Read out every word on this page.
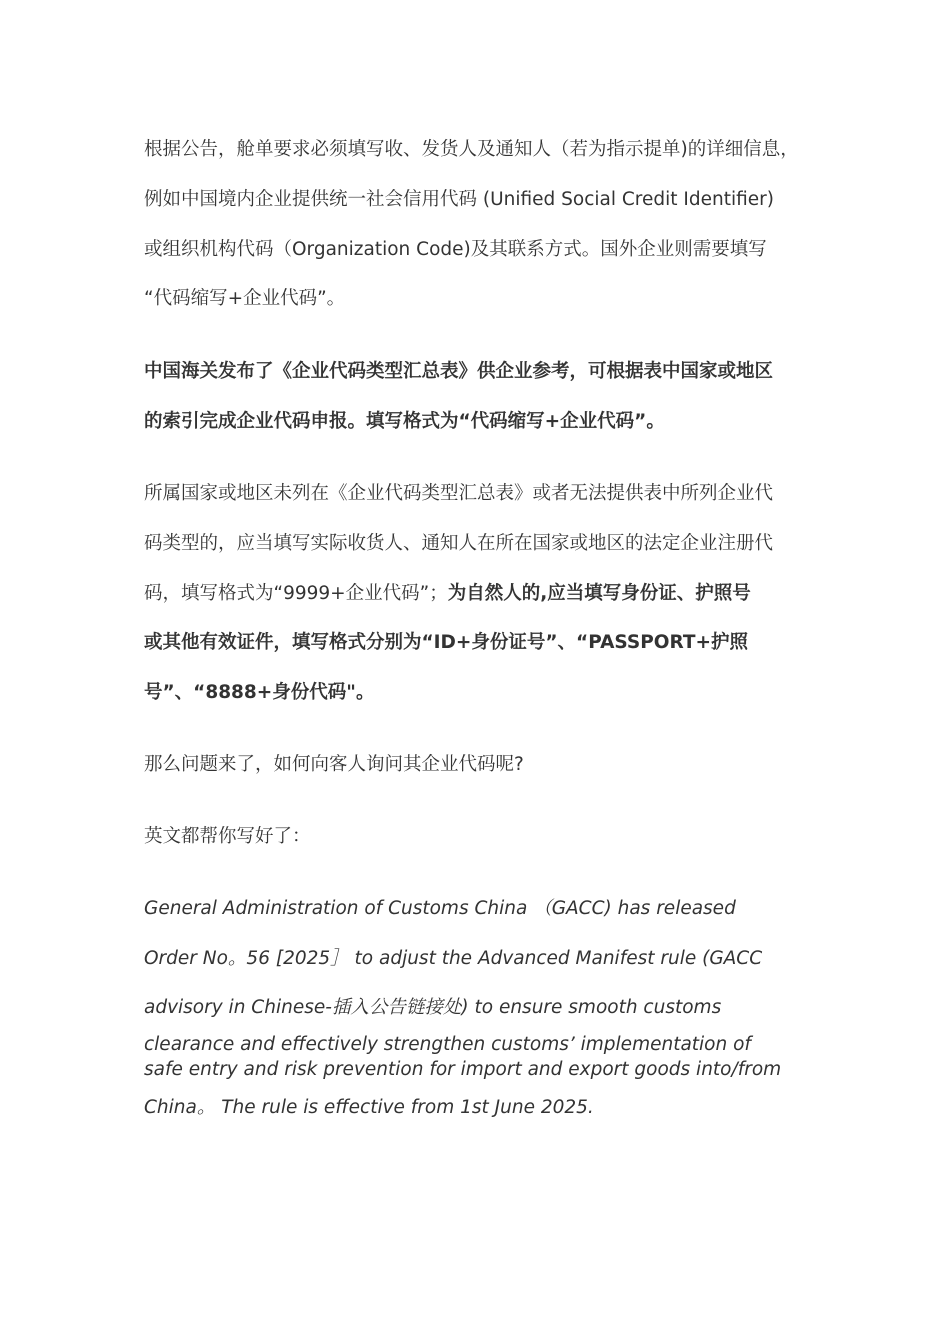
根据公告，舱单要求必须填写收、发货人及通知人（若为指示提单)的详细信息，
例如中国境内企业提供统一社会信用代码 (Unified Social Credit Identifier)
或组织机构代码（Organization Code)及其联系方式。国外企业则需要填写
“代码缩写+企业代码”。
中国海关发布了《企业代码类型汇总表》供企业参考，可根据表中国家或地区
的索引完成企业代码申报。填写格式为“代码缩写+企业代码”。
所属国家或地区未列在《企业代码类型汇总表》或者无法提供表中所列企业代
码类型的，应当填写实际收货人、通知人在所在国家或地区的法定企业注册代
码，填写格式为“9999+企业代码”；为自然人的,应当填写身份证、护照号
或其他有效证件，填写格式分别为“ID+身份证号”、“PASSPORT+护照
号”、“8888+身份代码"。
那么问题来了，如何向客人询问其企业代码呢?
英文都帮你写好了：
General Administration of Customs China （GACC) has released
Order No。56 [2025］ to adjust the Advanced Manifest rule (GACC
advisory in Chinese-插入公告链接处) to ensure smooth customs
clearance and effectively strengthen customs’ implementation of
safe entry and risk prevention for import and export goods into/from
China。 The rule is effective from 1st June 2025.
